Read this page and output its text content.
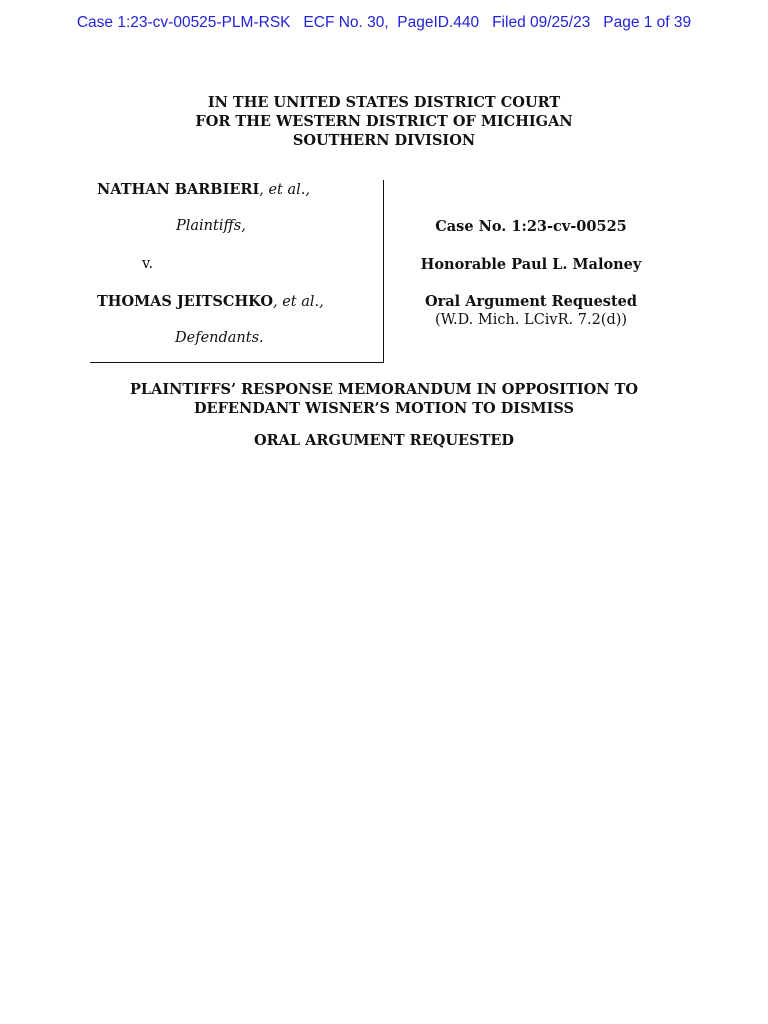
Case 1:23-cv-00525-PLM-RSK   ECF No. 30,  PageID.440   Filed 09/25/23   Page 1 of 39
IN THE UNITED STATES DISTRICT COURT
FOR THE WESTERN DISTRICT OF MICHIGAN
SOUTHERN DIVISION
NATHAN BARBIERI, et al.,
Plaintiffs,
v.
THOMAS JEITSCHKO, et al.,
Defendants.
Case No. 1:23-cv-00525
Honorable Paul L. Maloney
Oral Argument Requested
(W.D. Mich. LCivR. 7.2(d))
PLAINTIFFS’ RESPONSE MEMORANDUM IN OPPOSITION TO
DEFENDANT WISNER’S MOTION TO DISMISS
ORAL ARGUMENT REQUESTED
